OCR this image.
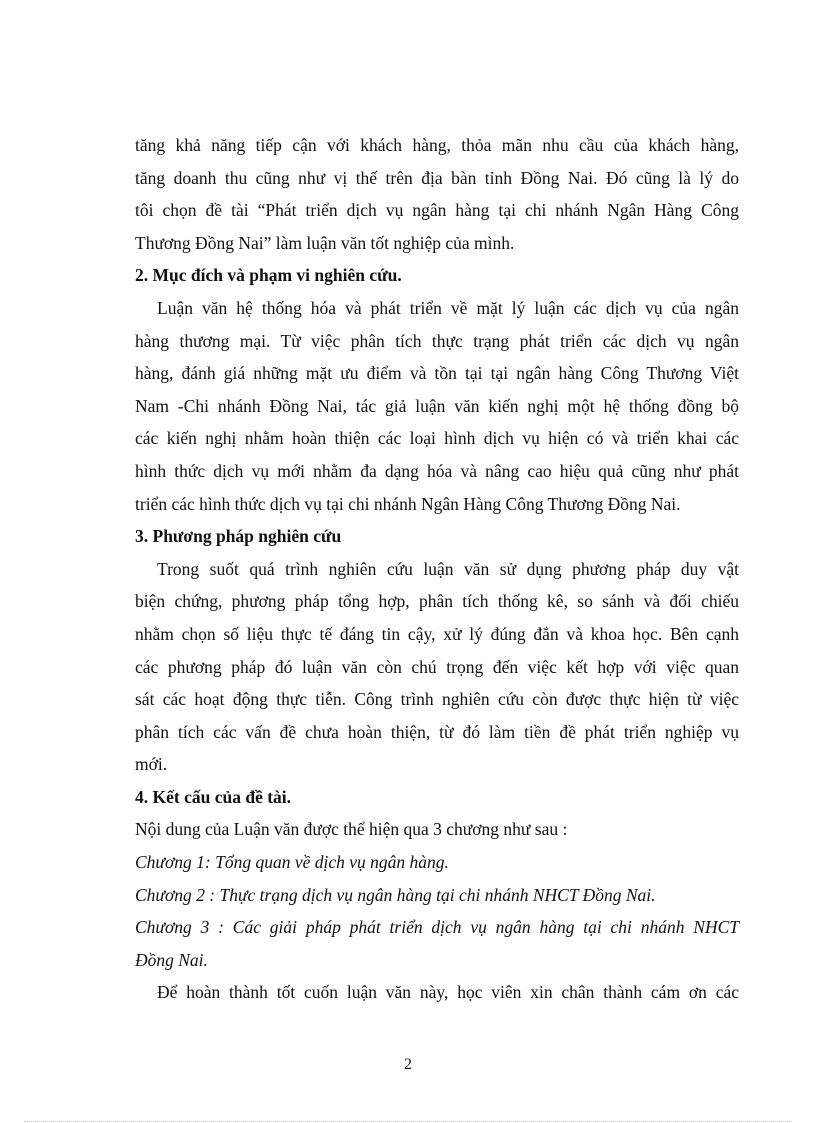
tăng khả năng tiếp cận với khách hàng, thỏa mãn nhu cầu của khách hàng,
tăng doanh thu cũng như vị thế trên địa bàn tỉnh Đồng Nai. Đó cũng là lý do
tôi chọn đề tài “Phát triển dịch vụ ngân hàng tại chi nhánh Ngân Hàng Công
Thương Đồng Nai” làm luận văn tốt nghiệp của mình.
2. Mục đích và phạm vi nghiên cứu.
Luận văn hệ thống hóa và phát triển về mặt lý luận các dịch vụ của ngân
hàng thương mại. Từ việc phân tích thực trạng phát triển các dịch vụ ngân
hàng, đánh giá những mặt ưu điểm và tồn tại tại ngân hàng Công Thương Việt
Nam -Chi nhánh Đồng Nai, tác giả luận văn kiến nghị một hệ thống đồng bộ
các kiến nghị nhằm hoàn thiện các loại hình dịch vụ hiện có và triển khai các
hình thức dịch vụ mới nhằm đa dạng hóa và nâng cao hiệu quả cũng như phát
triển các hình thức dịch vụ tại chi nhánh Ngân Hàng Công Thương Đồng Nai.
3. Phương pháp nghiên cứu
Trong suốt quá trình nghiên cứu luận văn sử dụng phương pháp duy vật
biện chứng, phương pháp tổng hợp, phân tích thống kê, so sánh và đối chiếu
nhằm chọn số liệu thực tế đáng tin cậy, xử lý đúng đắn và khoa học. Bên cạnh
các phương pháp đó luận văn còn chú trọng đến việc kết hợp với việc quan
sát các hoạt động thực tiễn. Công trình nghiên cứu còn được thực hiện từ việc
phân tích các vấn đề chưa hoàn thiện, từ đó làm tiền đề phát triển nghiệp vụ
mới.
4. Kết cấu của đề tài.
Nội dung của Luận văn được thể hiện qua 3 chương như sau :
Chương 1: Tổng quan về dịch vụ ngân hàng.
Chương 2 : Thực trạng dịch vụ ngân hàng tại chi nhánh NHCT Đồng Nai.
Chương 3 : Các giải pháp phát triển dịch vụ ngân hàng tại chi nhánh NHCT
Đồng Nai.
Để hoàn thành tốt cuốn luận văn này, học viên xin chân thành cám ơn các
2
